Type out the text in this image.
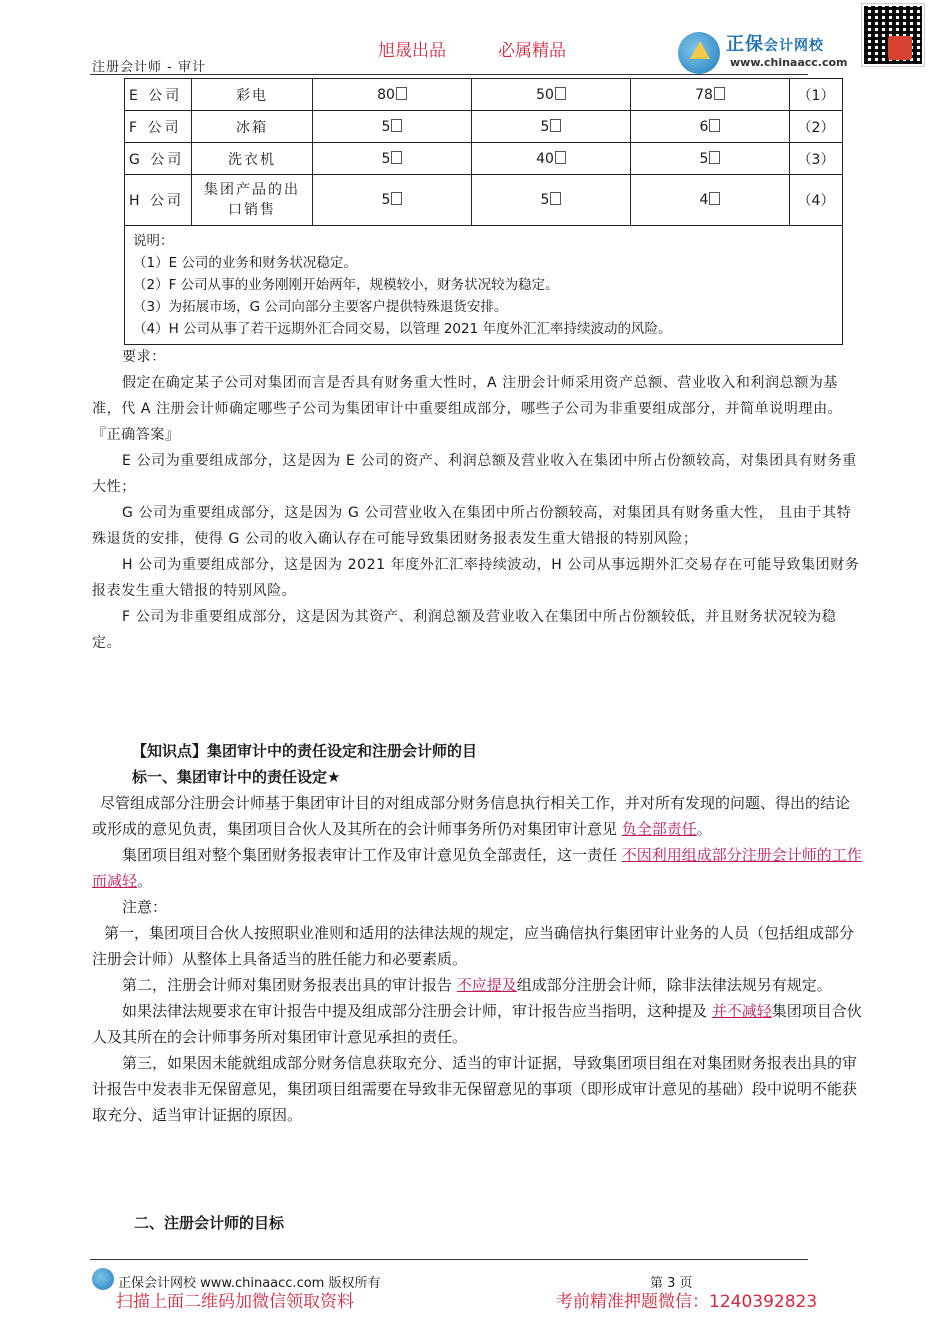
注册会计师 - 审计
旭晟出品	必属精品	正保会计网校
www.chinaacc.com
E 公司	彩电	80	50	78	（1）
F 公司	冰箱	5	5	6	（2）
G 公司	洗衣机	5	40	5	（3）
H 公司	集团产品的出口销售	5	5	4	（4）

说明：
（1）E 公司的业务和财务状况稳定。
（2）F 公司从事的业务刚刚开始两年，规模较小，财务状况较为稳定。
（3）为拓展市场，G 公司向部分主要客户提供特殊退货安排。
（4）H 公司从事了若干远期外汇合同交易，以管理 2021 年度外汇汇率持续波动的风险。					
要求：
假定在确定某子公司对集团而言是否具有财务重大性时，A 注册会计师采用资产总额、营业收入和利润总额为基准，代 A 注册会计师确定哪些子公司为集团审计中重要组成部分，哪些子公司为非重要组成部分，并简单说明理由。
『正确答案』
E 公司为重要组成部分，这是因为 E 公司的资产、利润总额及营业收入在集团中所占份额较高，对集团具有财务重大性；
G 公司为重要组成部分，这是因为 G 公司营业收入在集团中所占份额较高，对集团具有财务重大性， 且由于其特殊退货的安排，使得 G 公司的收入确认存在可能导致集团财务报表发生重大错报的特别风险；
H 公司为重要组成部分，这是因为 2021 年度外汇汇率持续波动，H 公司从事远期外汇交易存在可能导致集团财务报表发生重大错报的特别风险。
F 公司为非重要组成部分，这是因为其资产、利润总额及营业收入在集团中所占份额较低，并且财务状况较为稳定。
【知识点】集团审计中的责任设定和注册会计师的目
标一、集团审计中的责任设定★
尽管组成部分注册会计师基于集团审计目的对组成部分财务信息执行相关工作，并对所有发现的问题、得出的结论或形成的意见负责，集团项目合伙人及其所在的会计师事务所仍对集团审计意见 负全部责任。
集团项目组对整个集团财务报表审计工作及审计意见负全部责任，这一责任 不因利用组成部分注册会计师的工作而减轻。
注意：
第一，集团项目合伙人按照职业准则和适用的法律法规的规定，应当确信执行集团审计业务的人员（包括组成部分注册会计师）从整体上具备适当的胜任能力和必要素质。
第二，注册会计师对集团财务报表出具的审计报告 不应提及组成部分注册会计师，除非法律法规另有规定。
如果法律法规要求在审计报告中提及组成部分注册会计师，审计报告应当指明，这种提及 并不减轻集团项目合伙人及其所在的会计师事务所对集团审计意见承担的责任。
第三，如果因未能就组成部分财务信息获取充分、适当的审计证据，导致集团项目组在对集团财务报表出具的审计报告中发表非无保留意见，集团项目组需要在导致非无保留意见的事项（即形成审计意见的基础）段中说明不能获取充分、适当审计证据的原因。
二、注册会计师的目标
正保会计网校 www.chinaacc.com 版权所有	第 3 页
扫描上面二维码加微信领取资料	考前精准押题微信：1240392823
